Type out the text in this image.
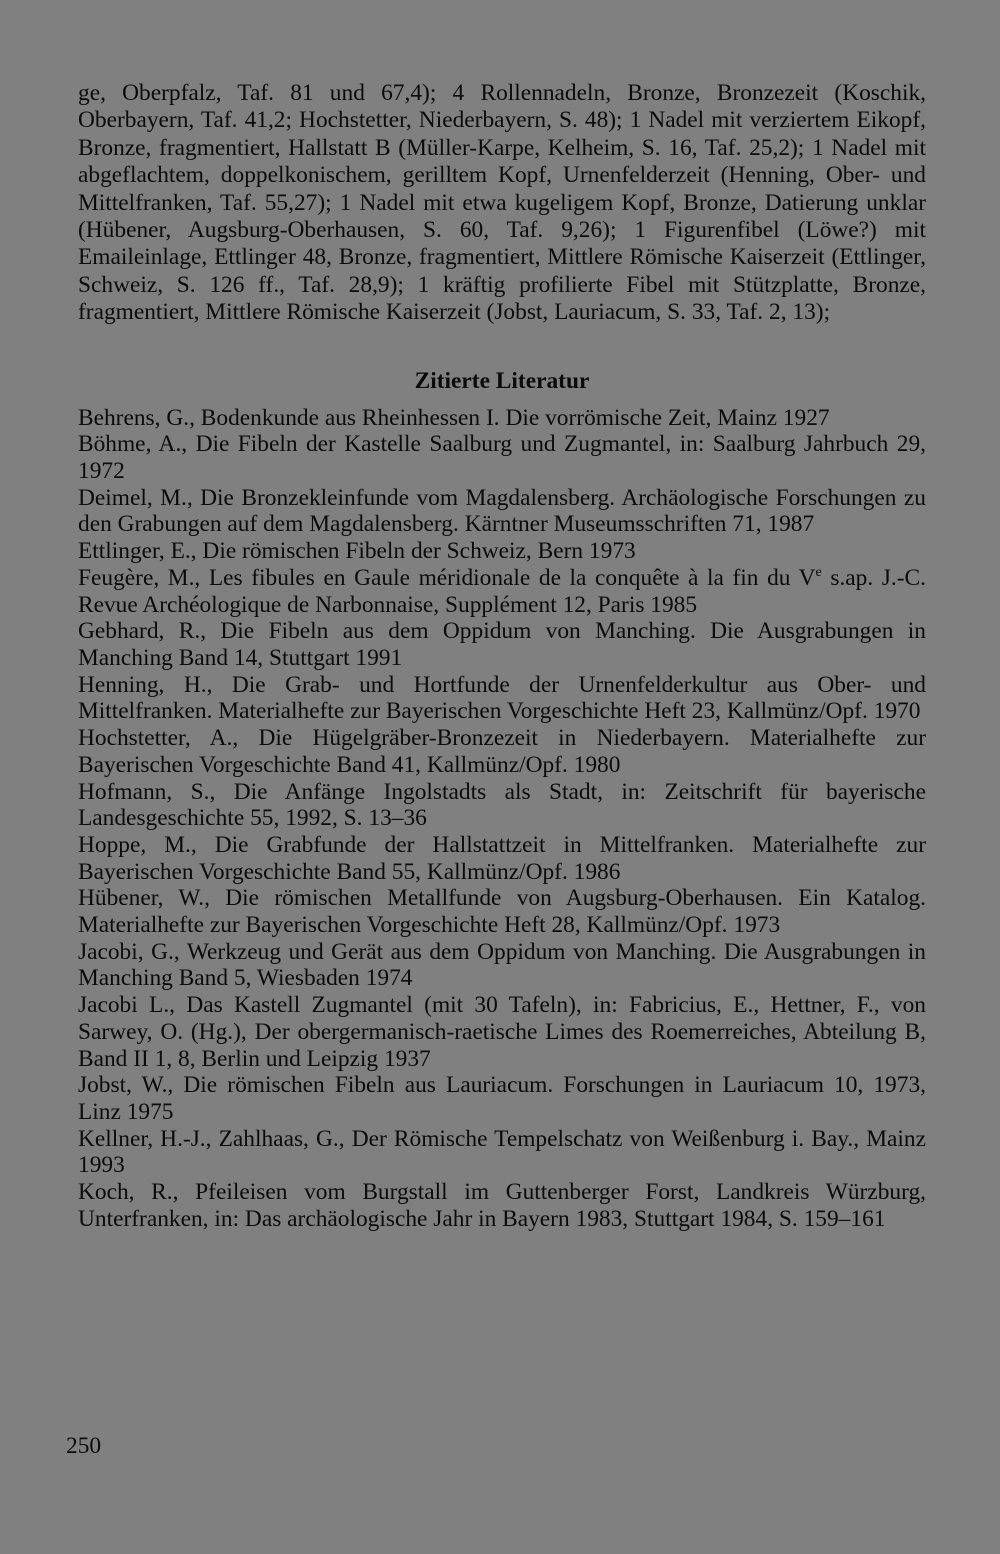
ge, Oberpfalz, Taf. 81 und 67,4); 4 Rollennadeln, Bronze, Bronzezeit (Koschik, Oberbayern, Taf. 41,2; Hochstetter, Niederbayern, S. 48); 1 Nadel mit verziertem Eikopf, Bronze, fragmentiert, Hallstatt B (Müller-Karpe, Kelheim, S. 16, Taf. 25,2); 1 Nadel mit abgeflachtem, doppelkonischem, gerilltem Kopf, Urnenfelderzeit (Henning, Ober- und Mittelfranken, Taf. 55,27); 1 Nadel mit etwa kugeligem Kopf, Bronze, Datierung unklar (Hübener, Augsburg-Oberhausen, S. 60, Taf. 9,26); 1 Figurenfibel (Löwe?) mit Emaileinlage, Ettlinger 48, Bronze, fragmentiert, Mittlere Römische Kaiserzeit (Ettlinger, Schweiz, S. 126 ff., Taf. 28,9); 1 kräftig profilierte Fibel mit Stützplatte, Bronze, fragmentiert, Mittlere Römische Kaiserzeit (Jobst, Lauriacum, S. 33, Taf. 2, 13);

Zitierte Literatur
Behrens, G., Bodenkunde aus Rheinhessen I. Die vorrömische Zeit, Mainz 1927
Böhme, A., Die Fibeln der Kastelle Saalburg und Zugmantel, in: Saalburg Jahrbuch 29, 1972
Deimel, M., Die Bronzekleinfunde vom Magdalensberg. Archäologische Forschungen zu den Grabungen auf dem Magdalensberg. Kärntner Museumsschriften 71, 1987
Ettlinger, E., Die römischen Fibeln der Schweiz, Bern 1973
Feugère, M., Les fibules en Gaule méridionale de la conquête à la fin du Ve s.ap. J.-C. Revue Archéologique de Narbonnaise, Supplément 12, Paris 1985
Gebhard, R., Die Fibeln aus dem Oppidum von Manching. Die Ausgrabungen in Manching Band 14, Stuttgart 1991
Henning, H., Die Grab- und Hortfunde der Urnenfelderkultur aus Ober- und Mittelfranken. Materialhefte zur Bayerischen Vorgeschichte Heft 23, Kallmünz/Opf. 1970
Hochstetter, A., Die Hügelgräber-Bronzezeit in Niederbayern. Materialhefte zur Bayerischen Vorgeschichte Band 41, Kallmünz/Opf. 1980
Hofmann, S., Die Anfänge Ingolstadts als Stadt, in: Zeitschrift für bayerische Landesgeschichte 55, 1992, S. 13–36
Hoppe, M., Die Grabfunde der Hallstattzeit in Mittelfranken. Materialhefte zur Bayerischen Vorgeschichte Band 55, Kallmünz/Opf. 1986
Hübener, W., Die römischen Metallfunde von Augsburg-Oberhausen. Ein Katalog. Materialhefte zur Bayerischen Vorgeschichte Heft 28, Kallmünz/Opf. 1973
Jacobi, G., Werkzeug und Gerät aus dem Oppidum von Manching. Die Ausgrabungen in Manching Band 5, Wiesbaden 1974
Jacobi L., Das Kastell Zugmantel (mit 30 Tafeln), in: Fabricius, E., Hettner, F., von Sarwey, O. (Hg.), Der obergermanisch-raetische Limes des Roemerreiches, Abteilung B, Band II 1, 8, Berlin und Leipzig 1937
Jobst, W., Die römischen Fibeln aus Lauriacum. Forschungen in Lauriacum 10, 1973, Linz 1975
Kellner, H.-J., Zahlhaas, G., Der Römische Tempelschatz von Weißenburg i. Bay., Mainz 1993
Koch, R., Pfeileisen vom Burgstall im Guttenberger Forst, Landkreis Würzburg, Unterfranken, in: Das archäologische Jahr in Bayern 1983, Stuttgart 1984, S. 159–161
250
